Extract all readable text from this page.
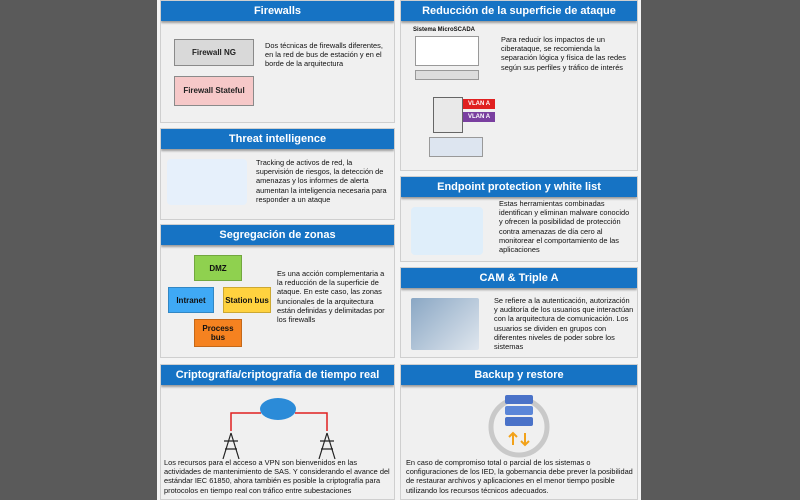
Firewalls
Firewall NG
Firewall Stateful
Dos técnicas de firewalls diferentes, en la red de bus de estación y en el borde de la arquitectura
Reducción de la superficie de ataque
Sistema MicroSCADA
VLAN A
VLAN A
Para reducir los impactos de un ciberataque, se recomienda la separación lógica y física de las redes según sus perfiles y tráfico de interés
Threat intelligence
Tracking de activos de red, la supervisión de riesgos, la detección de amenazas y los informes de alerta aumentan la inteligencia necesaria para responder a un ataque
Endpoint protection y white list
Estas herramientas combinadas identifican y eliminan malware conocido y ofrecen la posibilidad de protección contra amenazas de día cero al monitorear el comportamiento de las aplicaciones
Segregación de zonas
DMZ
Intranet	Station bus
Process bus
Es una acción complementaria a la reducción de la superficie de ataque. En este caso, las zonas funcionales de la arquitectura están definidas y delimitadas por los firewalls
CAM & Triple A
Se refiere a la autenticación, autorización y auditoría de los usuarios que interactúan con la arquitectura de comunicación. Los usuarios se dividen en grupos con diferentes niveles de poder sobre los sistemas
Criptografía/criptografía de tiempo real
Los recursos para el acceso a VPN son bienvenidos en las actividades de mantenimiento de SAS. Y considerando el avance del estándar IEC 61850, ahora también es posible la criptografía para protocolos en tiempo real con tráfico entre subestaciones
Backup y restore
En caso de compromiso total o parcial de los sistemas o configuraciones de los IED, la gobernancia debe prever la posibilidad de restaurar archivos y aplicaciones en el menor tiempo posible utilizando los recursos técnicos adecuados.
